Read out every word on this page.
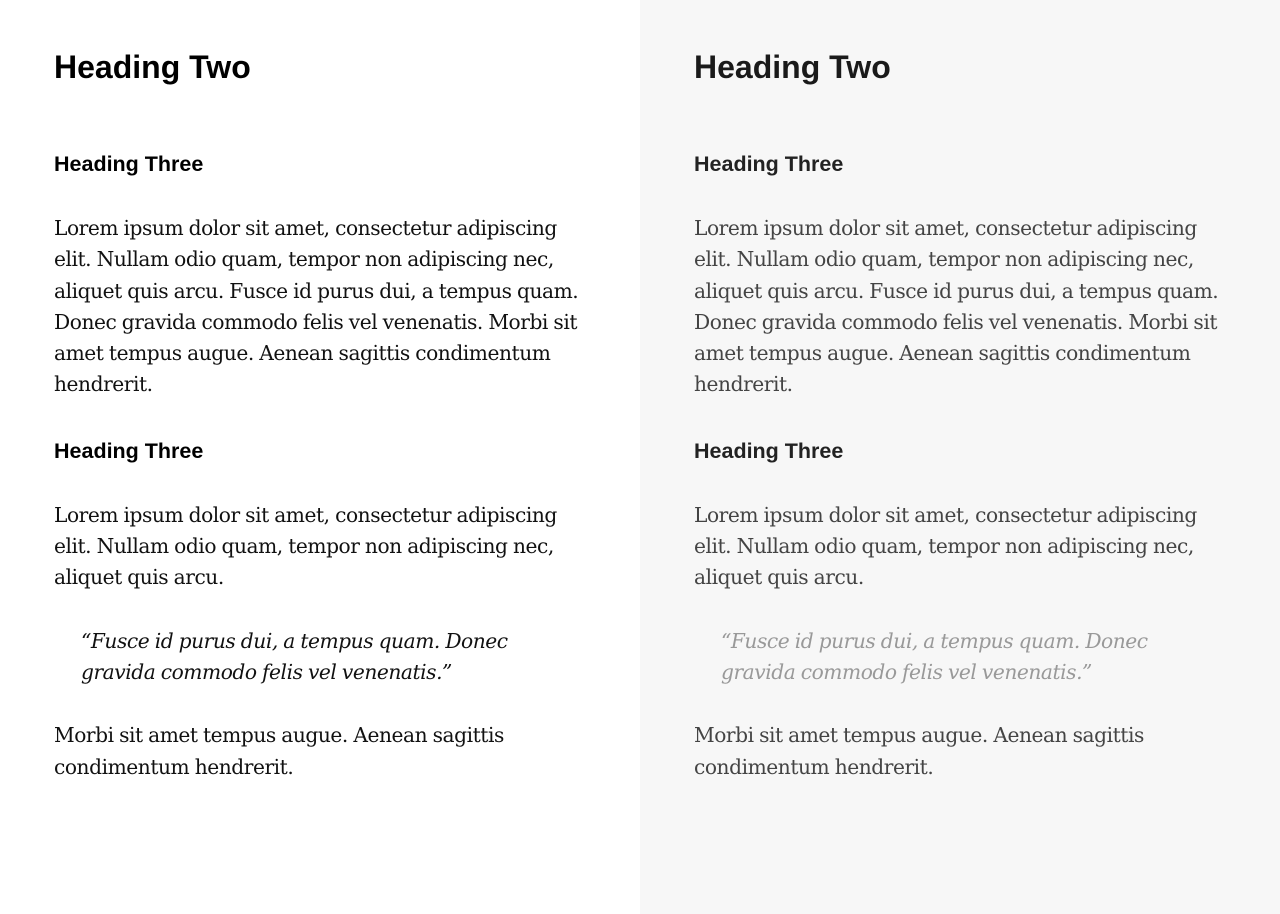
Heading Two
Heading Three

Lorem ipsum dolor sit amet, consectetur adipiscing elit. Nullam odio quam, tempor non adipiscing nec, aliquet quis arcu. Fusce id purus dui, a tempus quam. Donec gravida commodo felis vel venenatis. Morbi sit amet tempus augue. Aenean sagittis condimentum hendrerit.

Heading Three

Lorem ipsum dolor sit amet, consectetur adipiscing elit. Nullam odio quam, tempor non adipiscing nec, aliquet quis arcu.

“Fusce id purus dui, a tempus quam. Donec gravida commodo felis vel venenatis.”

Morbi sit amet tempus augue. Aenean sagittis condimentum hendrerit.

Heading Two
Heading Three

Lorem ipsum dolor sit amet, consectetur adipiscing elit. Nullam odio quam, tempor non adipiscing nec, aliquet quis arcu. Fusce id purus dui, a tempus quam. Donec gravida commodo felis vel venenatis. Morbi sit amet tempus augue. Aenean sagittis condimentum hendrerit.

Heading Three

Lorem ipsum dolor sit amet, consectetur adipiscing elit. Nullam odio quam, tempor non adipiscing nec, aliquet quis arcu.

“Fusce id purus dui, a tempus quam. Donec gravida commodo felis vel venenatis.”

Morbi sit amet tempus augue. Aenean sagittis condimentum hendrerit.
